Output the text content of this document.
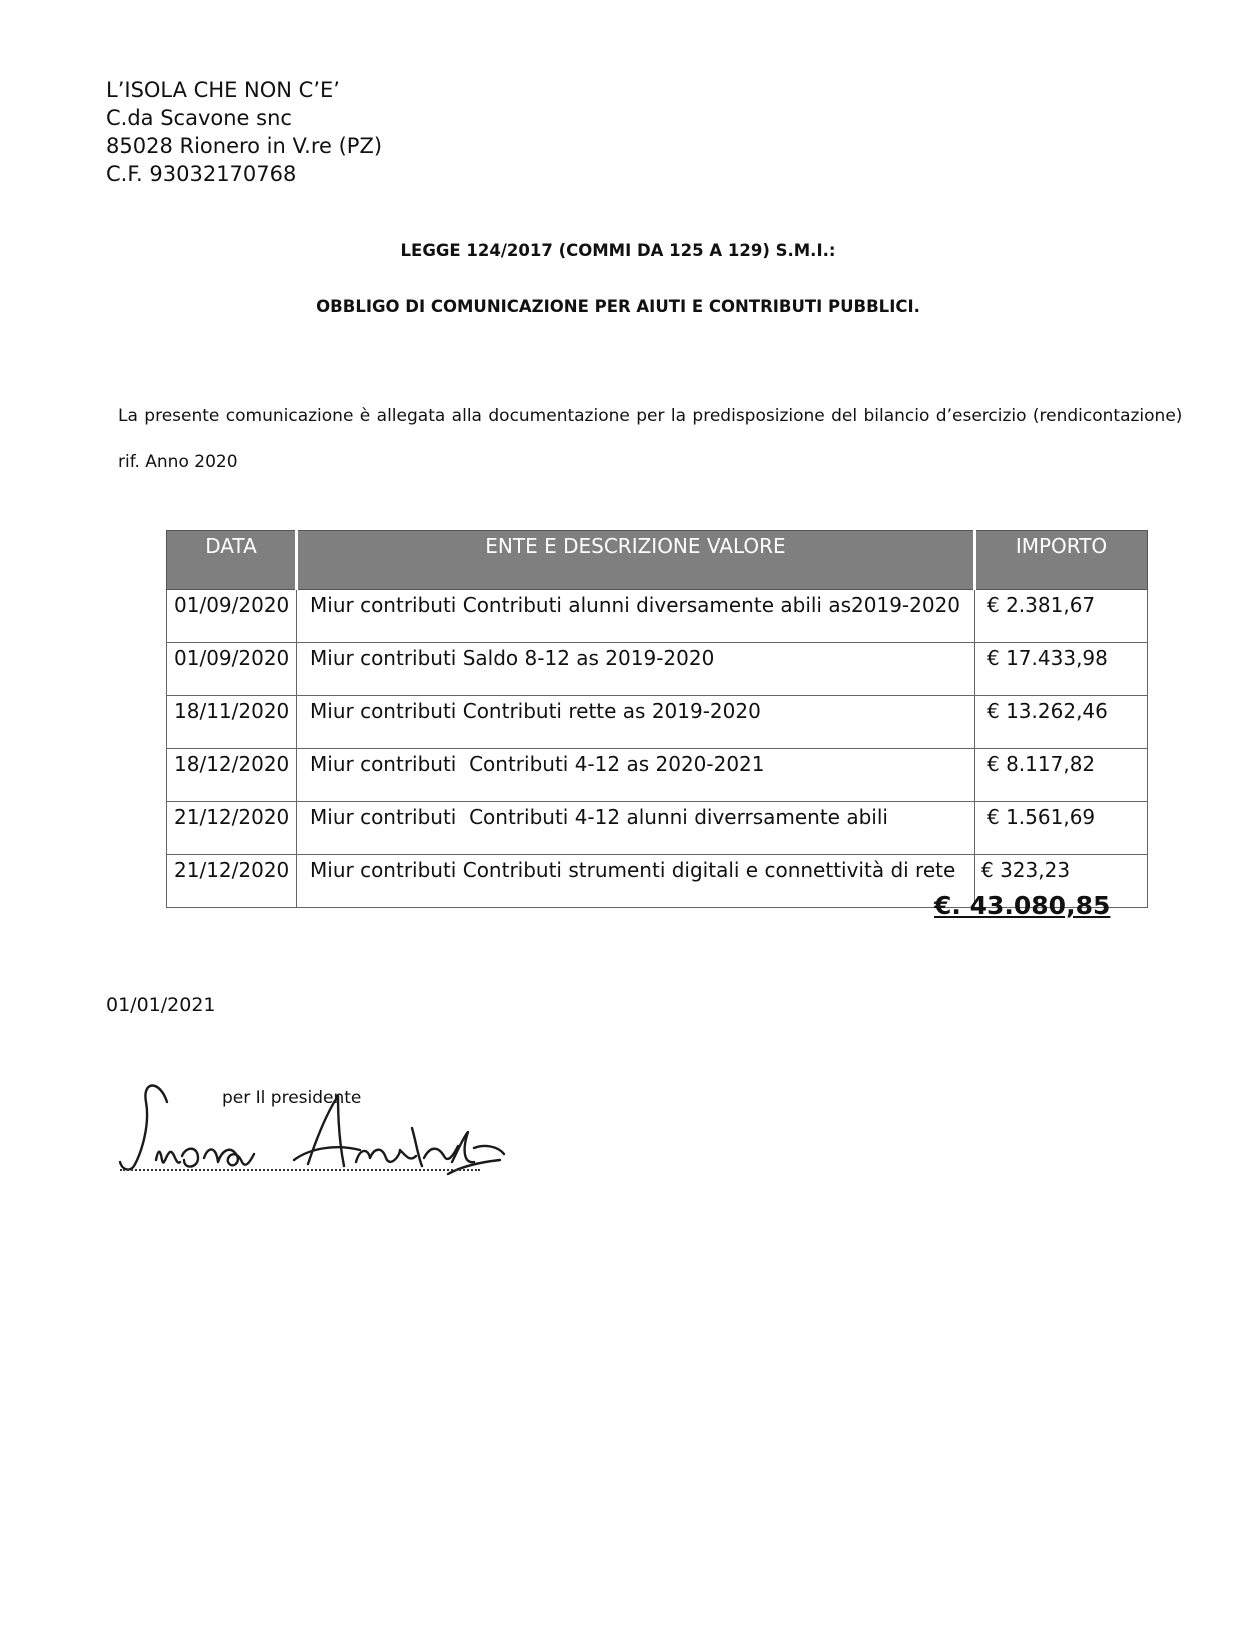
L’ISOLA CHE NON C’E’
C.da Scavone snc
85028 Rionero in V.re (PZ)
C.F. 93032170768
LEGGE 124/2017 (COMMI DA 125 A 129) S.M.I.:
OBBLIGO DI COMUNICAZIONE PER AIUTI E CONTRIBUTI PUBBLICI.
La presente comunicazione è allegata alla documentazione per la predisposizione del bilancio d’esercizio (rendicontazione)
rif. Anno 2020
DATA	ENTE E DESCRIZIONE VALORE	IMPORTO
01/09/2020	Miur contributi Contributi alunni diversamente abili as2019-2020	€ 2.381,67
01/09/2020	Miur contributi Saldo 8-12 as 2019-2020	€ 17.433,98
18/11/2020	Miur contributi Contributi rette as 2019-2020	€ 13.262,46
18/12/2020	Miur contributi  Contributi 4-12 as 2020-2021	€ 8.117,82
21/12/2020	Miur contributi  Contributi 4-12 alunni diverrsamente abili	€ 1.561,69
21/12/2020	Miur contributi Contributi strumenti digitali e connettività di rete	€ 323,23
€. 43.080,85
01/01/2021
per Il presidente
